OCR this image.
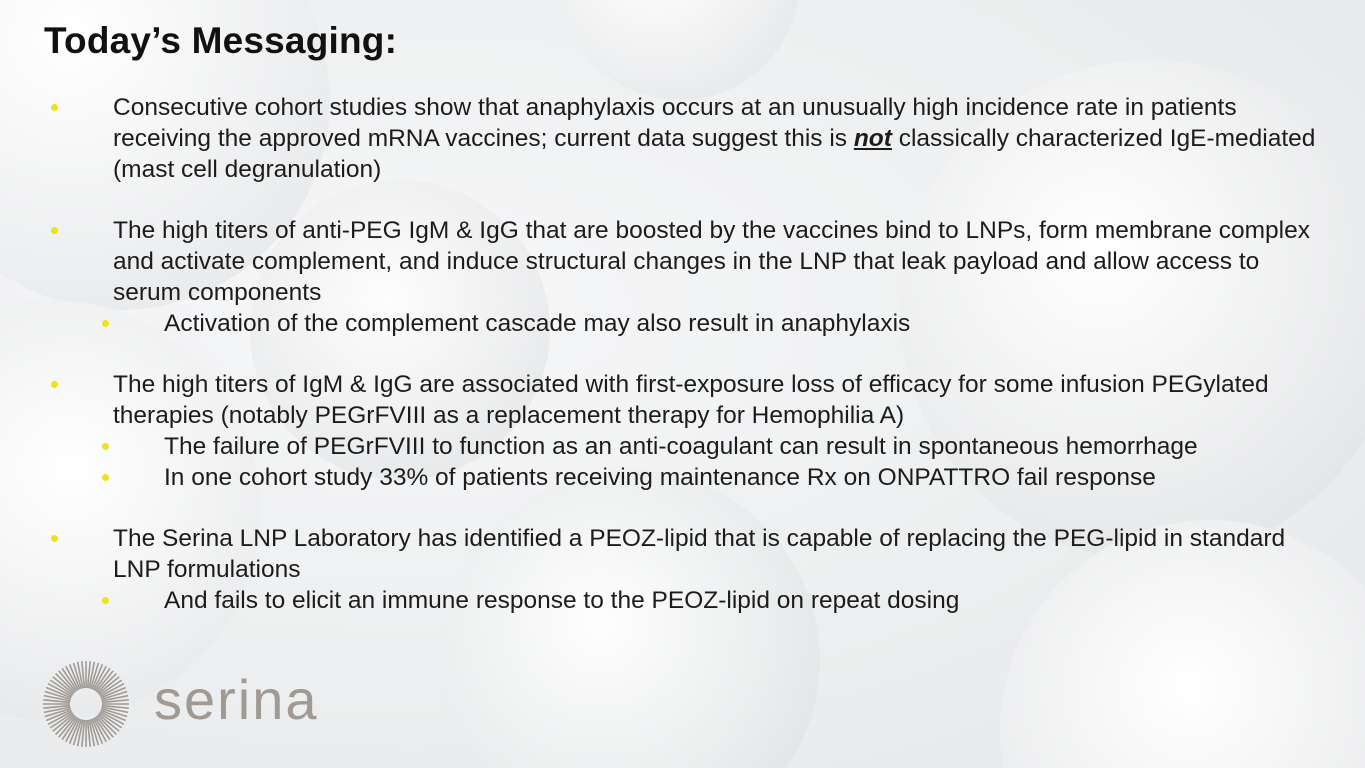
Today’s Messaging:
Consecutive cohort studies show that anaphylaxis occurs at an unusually high incidence rate in patients receiving the approved mRNA vaccines; current data suggest this is not classically characterized IgE-mediated (mast cell degranulation)
The high titers of anti-PEG IgM & IgG that are boosted by the vaccines bind to LNPs, form membrane complex and activate complement, and induce structural changes in the LNP that leak payload and allow access to serum components
Activation of the complement cascade may also result in anaphylaxis
The high titers of IgM & IgG are associated with first-exposure loss of efficacy for some infusion PEGylated therapies (notably PEGrFVIII as a replacement therapy for Hemophilia A)
The failure of PEGrFVIII to function as an anti-coagulant can result in spontaneous hemorrhage
In one cohort study 33% of patients receiving maintenance Rx on ONPATTRO fail response
The Serina LNP Laboratory has identified a PEOZ-lipid that is capable of replacing the PEG-lipid in standard LNP formulations
And fails to elicit an immune response to the PEOZ-lipid on repeat dosing
serina
